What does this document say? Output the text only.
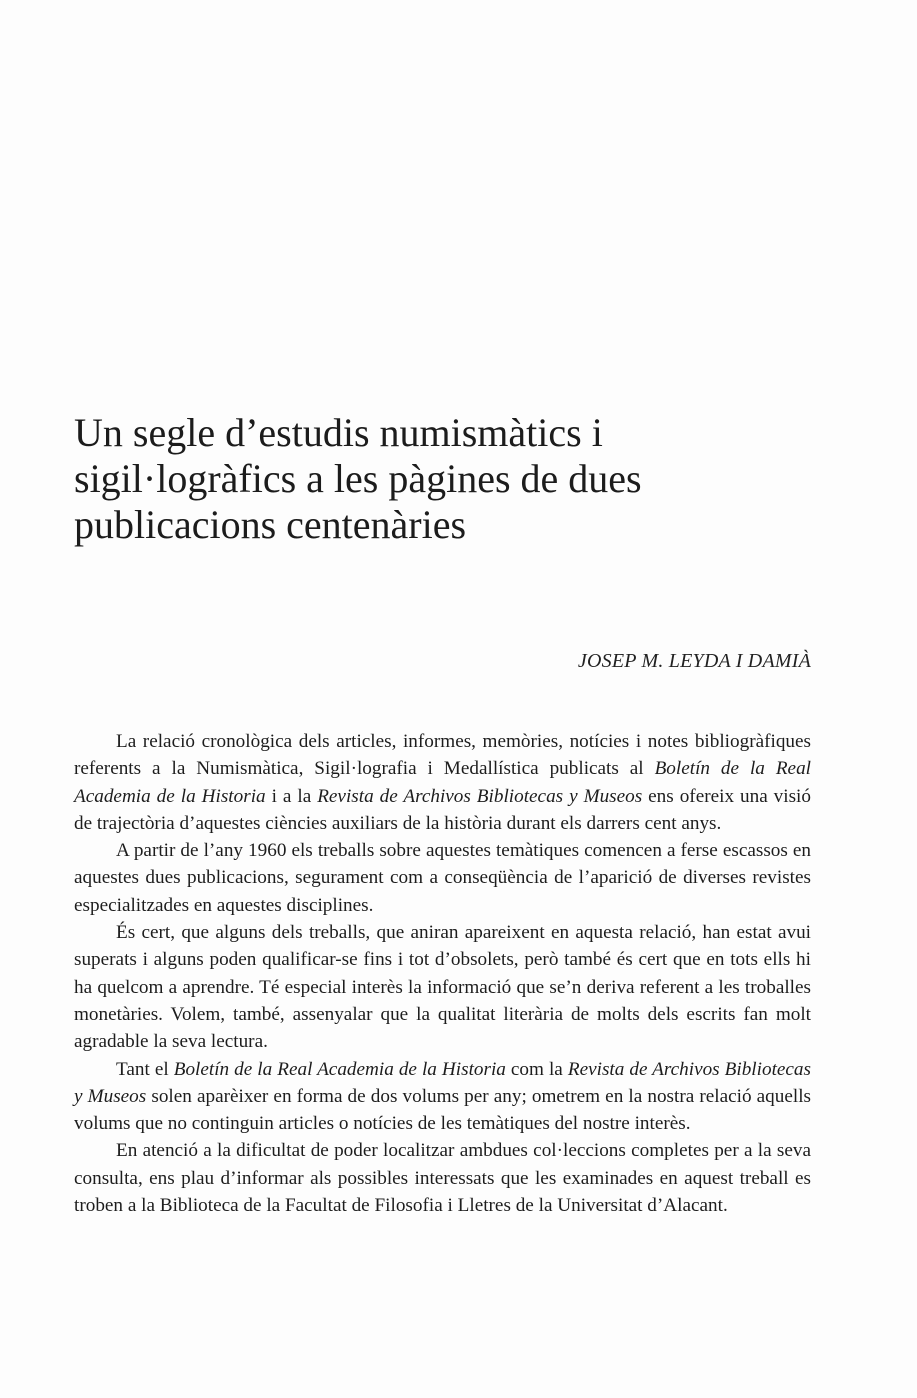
Un segle d’estudis numismàtics i
sigil·logràfics a les pàgines de dues
publicacions centenàries

JOSEP M. LEYDA I DAMIÀ

La relació cronològica dels articles, informes, memòries, notícies i notes bibliogràfiques referents a la Numismàtica, Sigil·lografia i Medallística publicats al Boletín de la Real Academia de la Historia i a la Revista de Archivos Bibliotecas y Museos ens ofereix una visió de trajectòria d’aquestes ciències auxiliars de la història durant els darrers cent anys.

A partir de l’any 1960 els treballs sobre aquestes temàtiques comencen a ferse escassos en aquestes dues publicacions, segurament com a conseqüència de l’aparició de diverses revistes especialitzades en aquestes disciplines.

És cert, que alguns dels treballs, que aniran apareixent en aquesta relació, han estat avui superats i alguns poden qualificar-se fins i tot d’obsolets, però també és cert que en tots ells hi ha quelcom a aprendre. Té especial interès la informació que se’n deriva referent a les troballes monetàries. Volem, també, assenyalar que la qualitat literària de molts dels escrits fan molt agradable la seva lectura.

Tant el Boletín de la Real Academia de la Historia com la Revista de Archivos Bibliotecas y Museos solen aparèixer en forma de dos volums per any; ometrem en la nostra relació aquells volums que no continguin articles o notícies de les temàtiques del nostre interès.

En atenció a la dificultat de poder localitzar ambdues col·leccions completes per a la seva consulta, ens plau d’informar als possibles interessats que les examinades en aquest treball es troben a la Biblioteca de la Facultat de Filosofia i Lletres de la Universitat d’Alacant.
